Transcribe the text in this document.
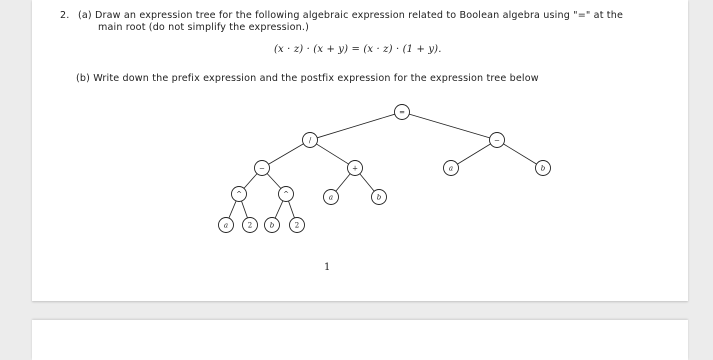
2. (a) Draw an expression tree for the following algebraic expression related to Boolean algebra using "=" at the
main root (do not simplify the expression.)
(x · z) · (x + y) = (x · z) · (1 + y).
(b) Write down the prefix expression and the postfix expression for the expression tree below
=
/
−	+
^	^
a	2	b	2
a	b
−
a	b
1
